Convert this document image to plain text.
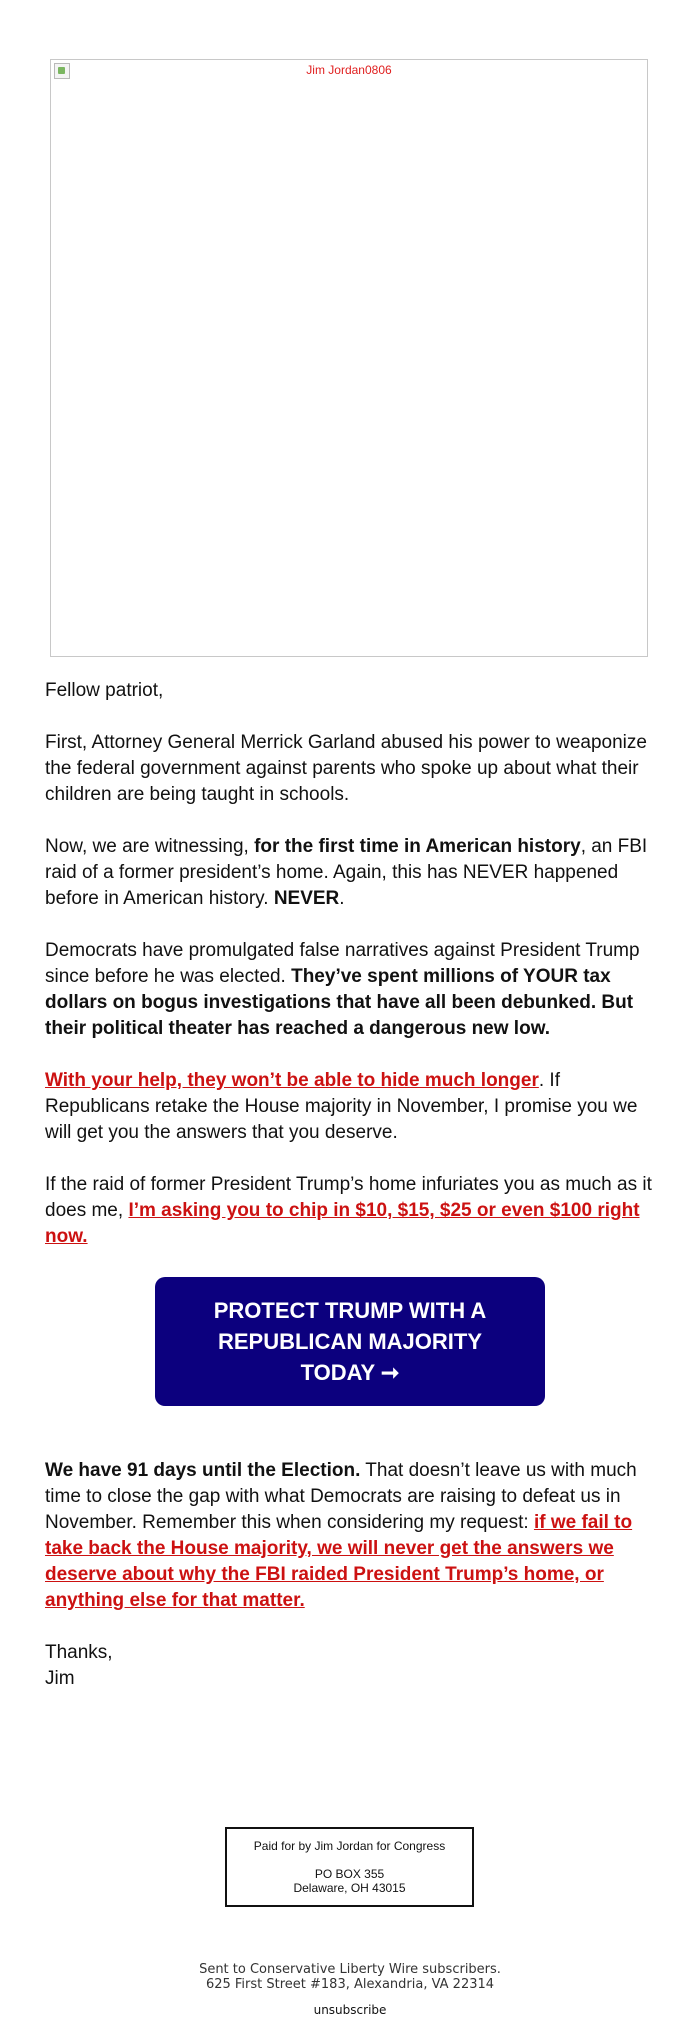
Jim Jordan0806

Fellow patriot,

First, Attorney General Merrick Garland abused his power to weaponize the federal government against parents who spoke up about what their children are being taught in schools.

Now, we are witnessing, for the first time in American history, an FBI raid of a former president’s home. Again, this has NEVER happened before in American history. NEVER.

Democrats have promulgated false narratives against President Trump since before he was elected. They’ve spent millions of YOUR tax dollars on bogus investigations that have all been debunked. But their political theater has reached a dangerous new low.

With your help, they won’t be able to hide much longer. If Republicans retake the House majority in November, I promise you we will get you the answers that you deserve.

If the raid of former President Trump’s home infuriates you as much as it does me, I’m asking you to chip in $10, $15, $25 or even $100 right now.

PROTECT TRUMP WITH A REPUBLICAN MAJORITY TODAY ➞

We have 91 days until the Election. That doesn’t leave us with much time to close the gap with what Democrats are raising to defeat us in November. Remember this when considering my request: if we fail to take back the House majority, we will never get the answers we deserve about why the FBI raided President Trump’s home, or anything else for that matter.

Thanks,
Jim
Paid for by Jim Jordan for Congress
PO BOX 355
Delaware, OH 43015
Sent to Conservative Liberty Wire subscribers.
625 First Street #183, Alexandria, VA 22314
unsubscribe
